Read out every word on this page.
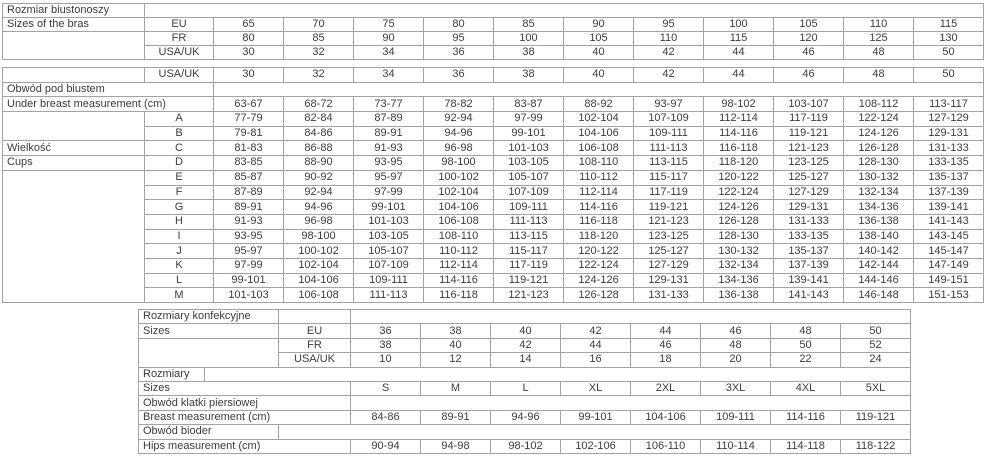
Rozmiar biustonoszy												
Sizes of the bras	EU	65	70	75	80	85	90	95	100	105	110	115
	FR	80	85	90	95	100	105	110	115	120	125	130
	USA/UK	30	32	34	36	38	40	42	44	46	48	50
	USA/UK	30	32	34	36	38	40	42	44	46	48	50
Obwód pod biustem												
Under breast measurement (cm)		63-67	68-72	73-77	78-82	83-87	88-92	93-97	98-102	103-107	108-112	113-117
	A	77-79	82-84	87-89	92-94	97-99	102-104	107-109	112-114	117-119	122-124	127-129
	B	79-81	84-86	89-91	94-96	99-101	104-106	109-111	114-116	119-121	124-126	129-131
Wielkość	C	81-83	86-88	91-93	96-98	101-103	106-108	111-113	116-118	121-123	126-128	131-133
Cups	D	83-85	88-90	93-95	98-100	103-105	108-110	113-115	118-120	123-125	128-130	133-135
	E	85-87	90-92	95-97	100-102	105-107	110-112	115-117	120-122	125-127	130-132	135-137
	F	87-89	92-94	97-99	102-104	107-109	112-114	117-119	122-124	127-129	132-134	137-139
	G	89-91	94-96	99-101	104-106	109-111	114-116	119-121	124-126	129-131	134-136	139-141
	H	91-93	96-98	101-103	106-108	111-113	116-118	121-123	126-128	131-133	136-138	141-143
	I	93-95	98-100	103-105	108-110	113-115	118-120	123-125	128-130	133-135	138-140	143-145
	J	95-97	100-102	105-107	110-112	115-117	120-122	125-127	130-132	135-137	140-142	145-147
	K	97-99	102-104	107-109	112-114	117-119	122-124	127-129	132-134	137-139	142-144	147-149
	L	99-101	104-106	109-111	114-116	119-121	124-126	129-131	134-136	139-141	144-146	149-151
	M	101-103	106-108	111-113	116-118	121-123	126-128	131-133	136-138	141-143	146-148	151-153
Rozmiary konfekcyjne										
Sizes		EU	36	38	40	42	44	46	48	50
		FR	38	40	42	44	46	48	50	52
		USA/UK	10	12	14	16	18	20	22	24
Rozmiary										
Sizes			S	M	L	XL	2XL	3XL	4XL	5XL
Obwód klatki piersiowej										
Breast measurement (cm)			84-86	89-91	94-96	99-101	104-106	109-111	114-116	119-121
Obwód bioder										
Hips measurement (cm)			90-94	94-98	98-102	102-106	106-110	110-114	114-118	118-122
